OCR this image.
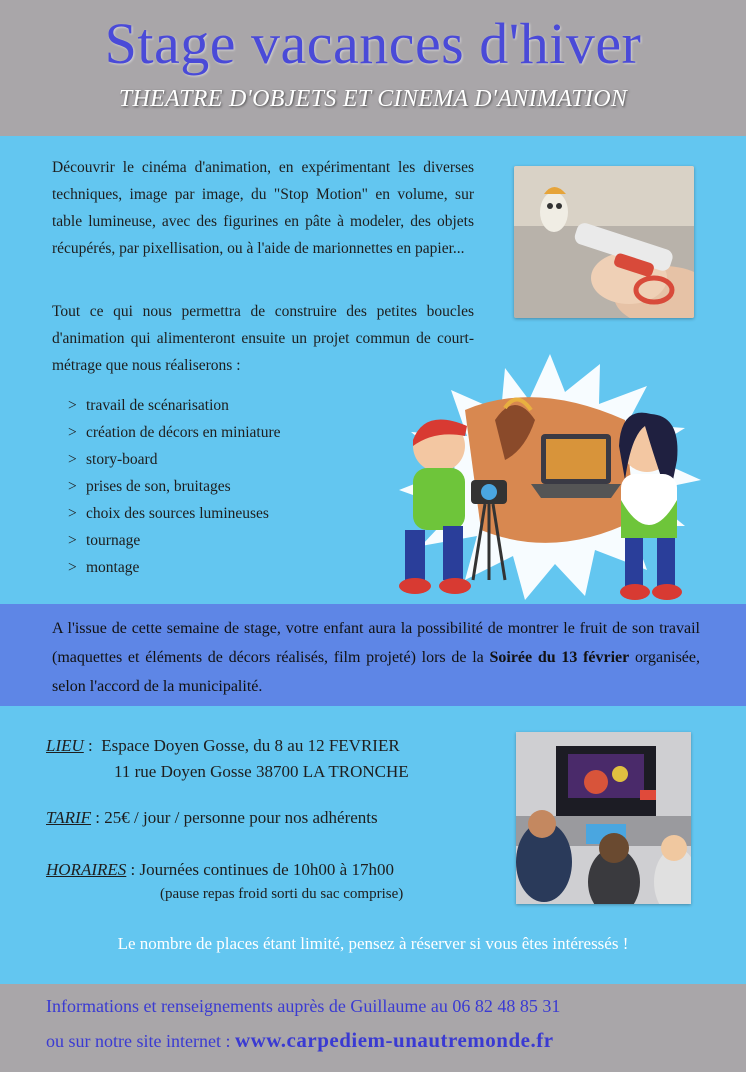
Stage vacances d'hiver
THEATRE D'OBJETS ET CINEMA D'ANIMATION

Découvrir le cinéma d'animation, en expérimentant les diverses techniques, image par image, du "Stop Motion" en volume, sur table lumineuse, avec des figurines en pâte à modeler, des objets récupérés, par pixellisation, ou à l'aide de marionnettes en papier...

Tout ce qui nous permettra de construire des petites boucles d'animation qui alimenteront ensuite un projet commun de court-métrage que nous réaliserons :

> travail de scénarisation
> création de décors en miniature
> story-board
> prises de son, bruitages
> choix des sources lumineuses
> tournage
> montage

A l'issue de cette semaine de stage, votre enfant aura la possibilité de montrer le fruit de son travail (maquettes et éléments de décors réalisés, film projeté) lors de la Soirée du 13 février organisée, selon l'accord de la municipalité.

LIEU :  Espace Doyen Gosse, du 8 au 12 FEVRIER
11 rue Doyen Gosse 38700 LA TRONCHE
TARIF : 25€ / jour / personne pour nos adhérents
HORAIRES : Journées continues de 10h00 à 17h00
(pause repas froid sorti du sac comprise)
Le nombre de places étant limité, pensez à réserver si vous êtes intéressés !
Informations et renseignements auprès de Guillaume au 06 82 48 85 31
ou sur notre site internet : www.carpediem-unautremonde.fr
